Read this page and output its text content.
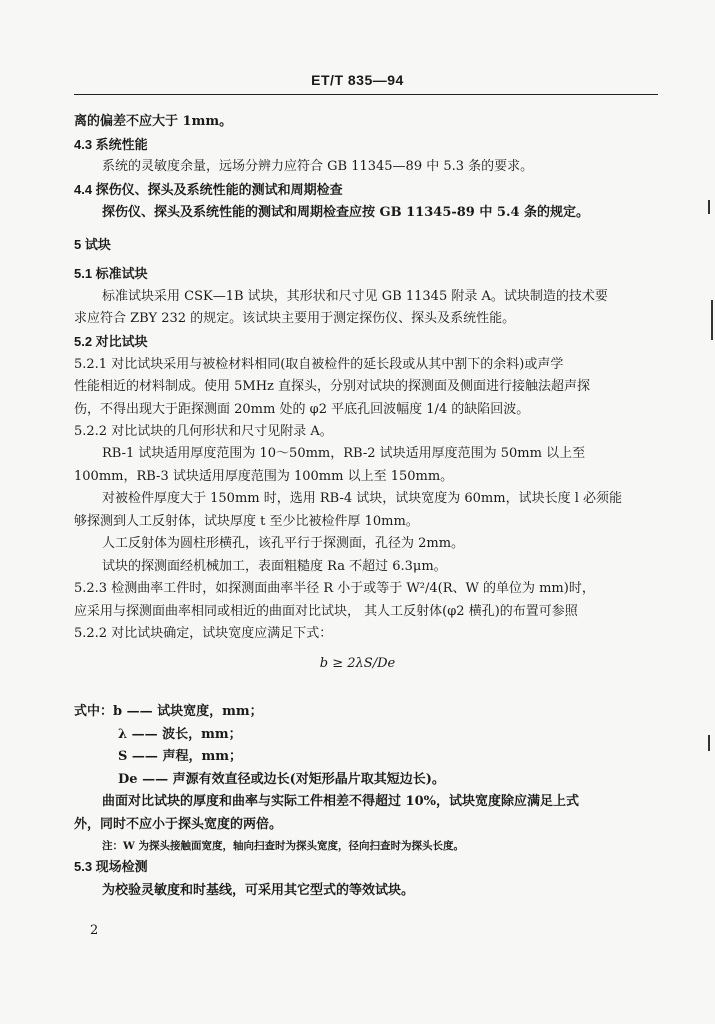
ET/T 835—94
离的偏差不应大于 1mm。
4.3 系统性能
系统的灵敏度余量，远场分辨力应符合 GB 11345—89 中 5.3 条的要求。
4.4 探伤仪、探头及系统性能的测试和周期检查
探伤仪、探头及系统性能的测试和周期检查应按 GB 11345-89 中 5.4 条的规定。
5 试块
5.1 标准试块
标准试块采用 CSK—1B 试块，其形状和尺寸见 GB 11345 附录 A。试块制造的技术要
求应符合 ZBY 232 的规定。该试块主要用于测定探伤仪、探头及系统性能。
5.2 对比试块
5.2.1 对比试块采用与被检材料相同(取自被检件的延长段或从其中割下的余料)或声学
性能相近的材料制成。使用 5MHz 直探头，分别对试块的探测面及侧面进行接触法超声探
伤，不得出现大于距探测面 20mm 处的 φ2 平底孔回波幅度 1/4 的缺陷回波。
5.2.2 对比试块的几何形状和尺寸见附录 A。
RB-1 试块适用厚度范围为 10～50mm，RB-2 试块适用厚度范围为 50mm 以上至
100mm，RB-3 试块适用厚度范围为 100mm 以上至 150mm。
对被检件厚度大于 150mm 时，选用 RB-4 试块，试块宽度为 60mm，试块长度 l 必须能
够探测到人工反射体，试块厚度 t 至少比被检件厚 10mm。
人工反射体为圆柱形横孔，该孔平行于探测面，孔径为 2mm。
试块的探测面经机械加工，表面粗糙度 Ra 不超过 6.3μm。
5.2.3 检测曲率工件时，如探测面曲率半径 R 小于或等于 W²/4(R、W 的单位为 mm)时，
应采用与探测面曲率相同或相近的曲面对比试块， 其人工反射体(φ2 横孔)的布置可参照
5.2.2 对比试块确定，试块宽度应满足下式：
b ≥ 2λS/De
式中：b —— 试块宽度，mm；
λ —— 波长，mm；
S —— 声程，mm；
De —— 声源有效直径或边长(对矩形晶片取其短边长)。
曲面对比试块的厚度和曲率与实际工件相差不得超过 10%，试块宽度除应满足上式
外，同时不应小于探头宽度的两倍。
注：W 为探头接触面宽度，轴向扫查时为探头宽度，径向扫查时为探头长度。
5.3 现场检测
为校验灵敏度和时基线，可采用其它型式的等效试块。
2
